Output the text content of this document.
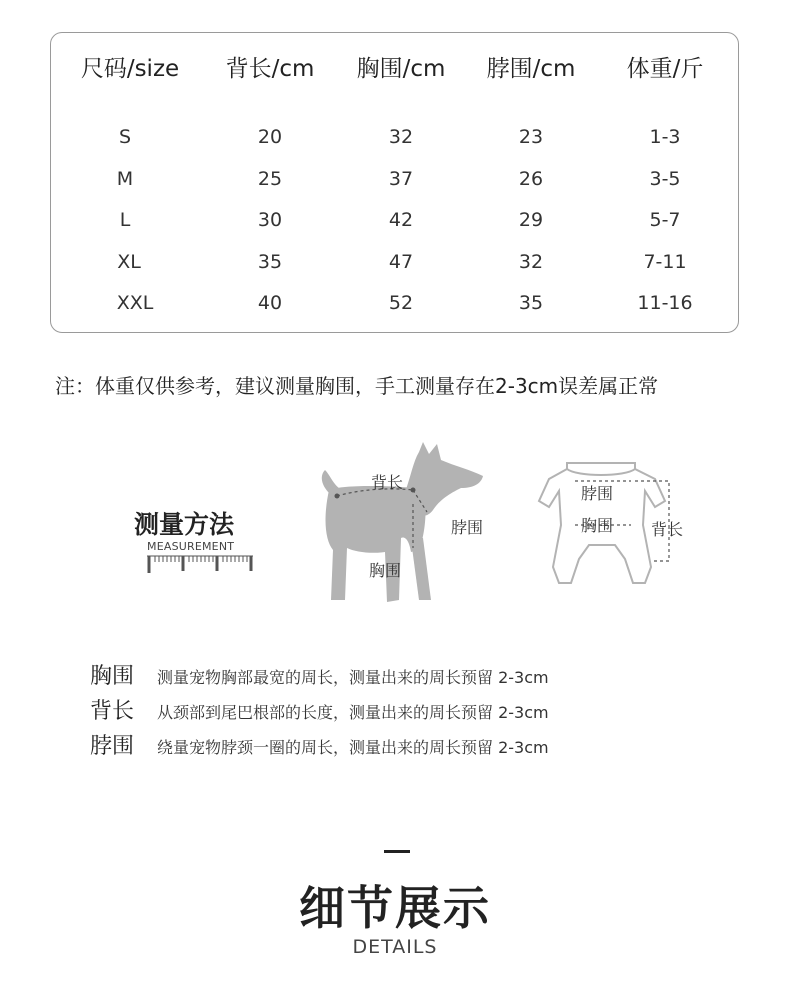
尺码/size 背长/cm 胸围/cm 脖围/cm 体重/斤
S	20	32	23	1-3
M	25	37	26	3-5
L	30	42	29	5-7
XL	35	47	32	7-11
XXL	40	52	35	11-16
注：体重仅供参考，建议测量胸围，手工测量存在2-3cm误差属正常
测量方法
MEASUREMENT
背长
脖围
胸围
脖围
胸围 背长
胸围 测量宠物胸部最宽的周长，测量出来的周长预留 2-3cm
背长 从颈部到尾巴根部的长度，测量出来的周长预留 2-3cm
脖围 绕量宠物脖颈一圈的周长，测量出来的周长预留 2-3cm
细节展示
DETAILS
